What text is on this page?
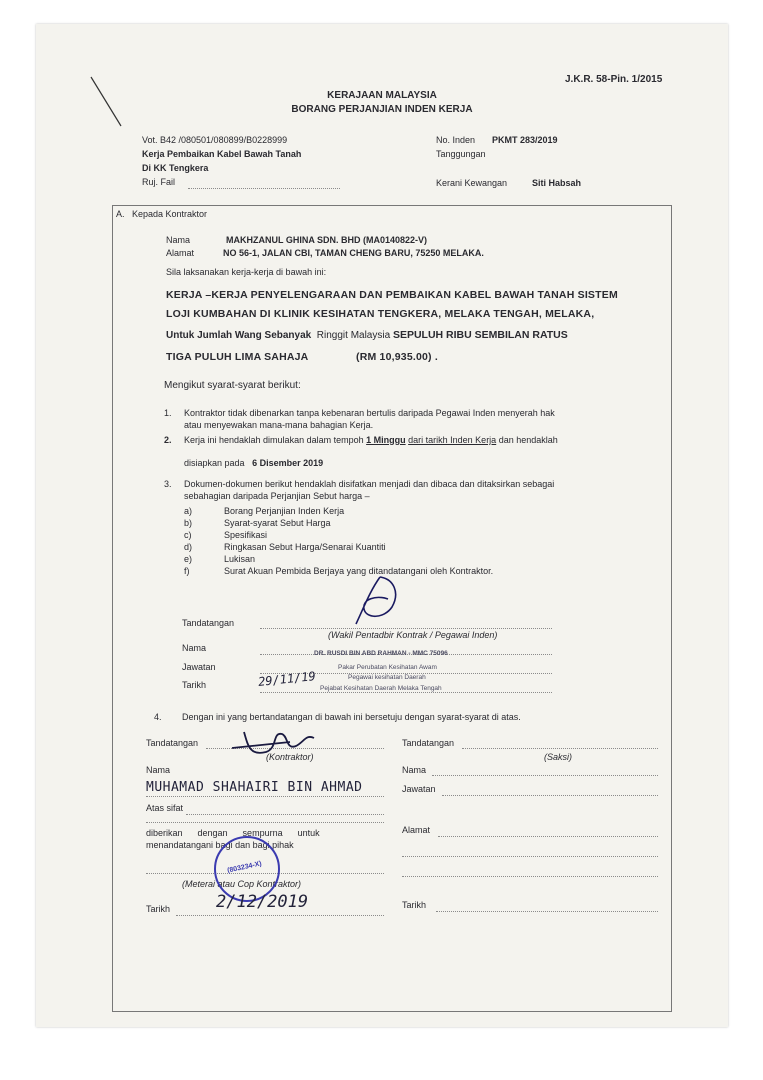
J.K.R. 58-Pin. 1/2015
KERAJAAN MALAYSIA
BORANG PERJANJIAN INDEN KERJA
Vot. B42 /080501/080899/B0228999
Kerja Pembaikan Kabel Bawah Tanah
Di KK Tengkera
Ruj. Fail
No. Inden PKMT 283/2019
Tanggungan
Kerani Kewangan	Siti Habsah
A. Kepada Kontraktor
Nama	MAKHZANUL GHINA SDN. BHD (MA0140822-V)
Alamat	NO 56-1, JALAN CBI, TAMAN CHENG BARU, 75250 MELAKA.
Sila laksanakan kerja-kerja di bawah ini:
KERJA –KERJA PENYELENGARAAN DAN PEMBAIKAN KABEL BAWAH TANAH SISTEM
LOJI KUMBAHAN DI KLINIK KESIHATAN TENGKERA, MELAKA TENGAH, MELAKA,
Untuk Jumlah Wang Sebanyak Ringgit Malaysia SEPULUH RIBU SEMBILAN RATUS
TIGA PULUH LIMA SAHAJA	(RM 10,935.00) .
Mengikut syarat-syarat berikut:
1. Kontraktor tidak dibenarkan tanpa kebenaran bertulis daripada Pegawai Inden menyerah hak
atau menyewakan mana-mana bahagian Kerja.
2. Kerja ini hendaklah dimulakan dalam tempoh 1 Minggu dari tarikh Inden Kerja dan hendaklah
disiapkan pada 6 Disember 2019
3. Dokumen-dokumen berikut hendaklah disifatkan menjadi dan dibaca dan ditaksirkan sebagai
sebahagian daripada Perjanjian Sebut harga –
a)	Borang Perjanjian Inden Kerja
b)	Syarat-syarat Sebut Harga
c)	Spesifikasi
d)	Ringkasan Sebut Harga/Senarai Kuantiti
e)	Lukisan
f)	Surat Akuan Pembida Berjaya yang ditandatangani oleh Kontraktor.
Tandatangan
(Wakil Pentadbir Kontrak / Pegawai Inden)
Nama
DR. RUSDI BIN ABD RAHMAN - MMC 75096
Jawatan	Pakar Perubatan Kesihatan Awam
Pegawai kesihatan Daerah
Tarikh	29/11/19 Pejabat Kesihatan Daerah Melaka Tengah
4. Dengan ini yang bertandatangan di bawah ini bersetuju dengan syarat-syarat di atas.
Tandatangan
(Kontraktor)
Nama
MUHAMAD SHAHAIRI BIN AHMAD
Atas sifat
diberikan      dengan      sempurna      untuk
menandatangani bagi dan bagi pihak
(Meterai atau Cop Kontraktor)
(803234-X)
Tarikh	2/12/2019
Tandatangan
(Saksi)
Nama
Jawatan
Alamat
Tarikh
